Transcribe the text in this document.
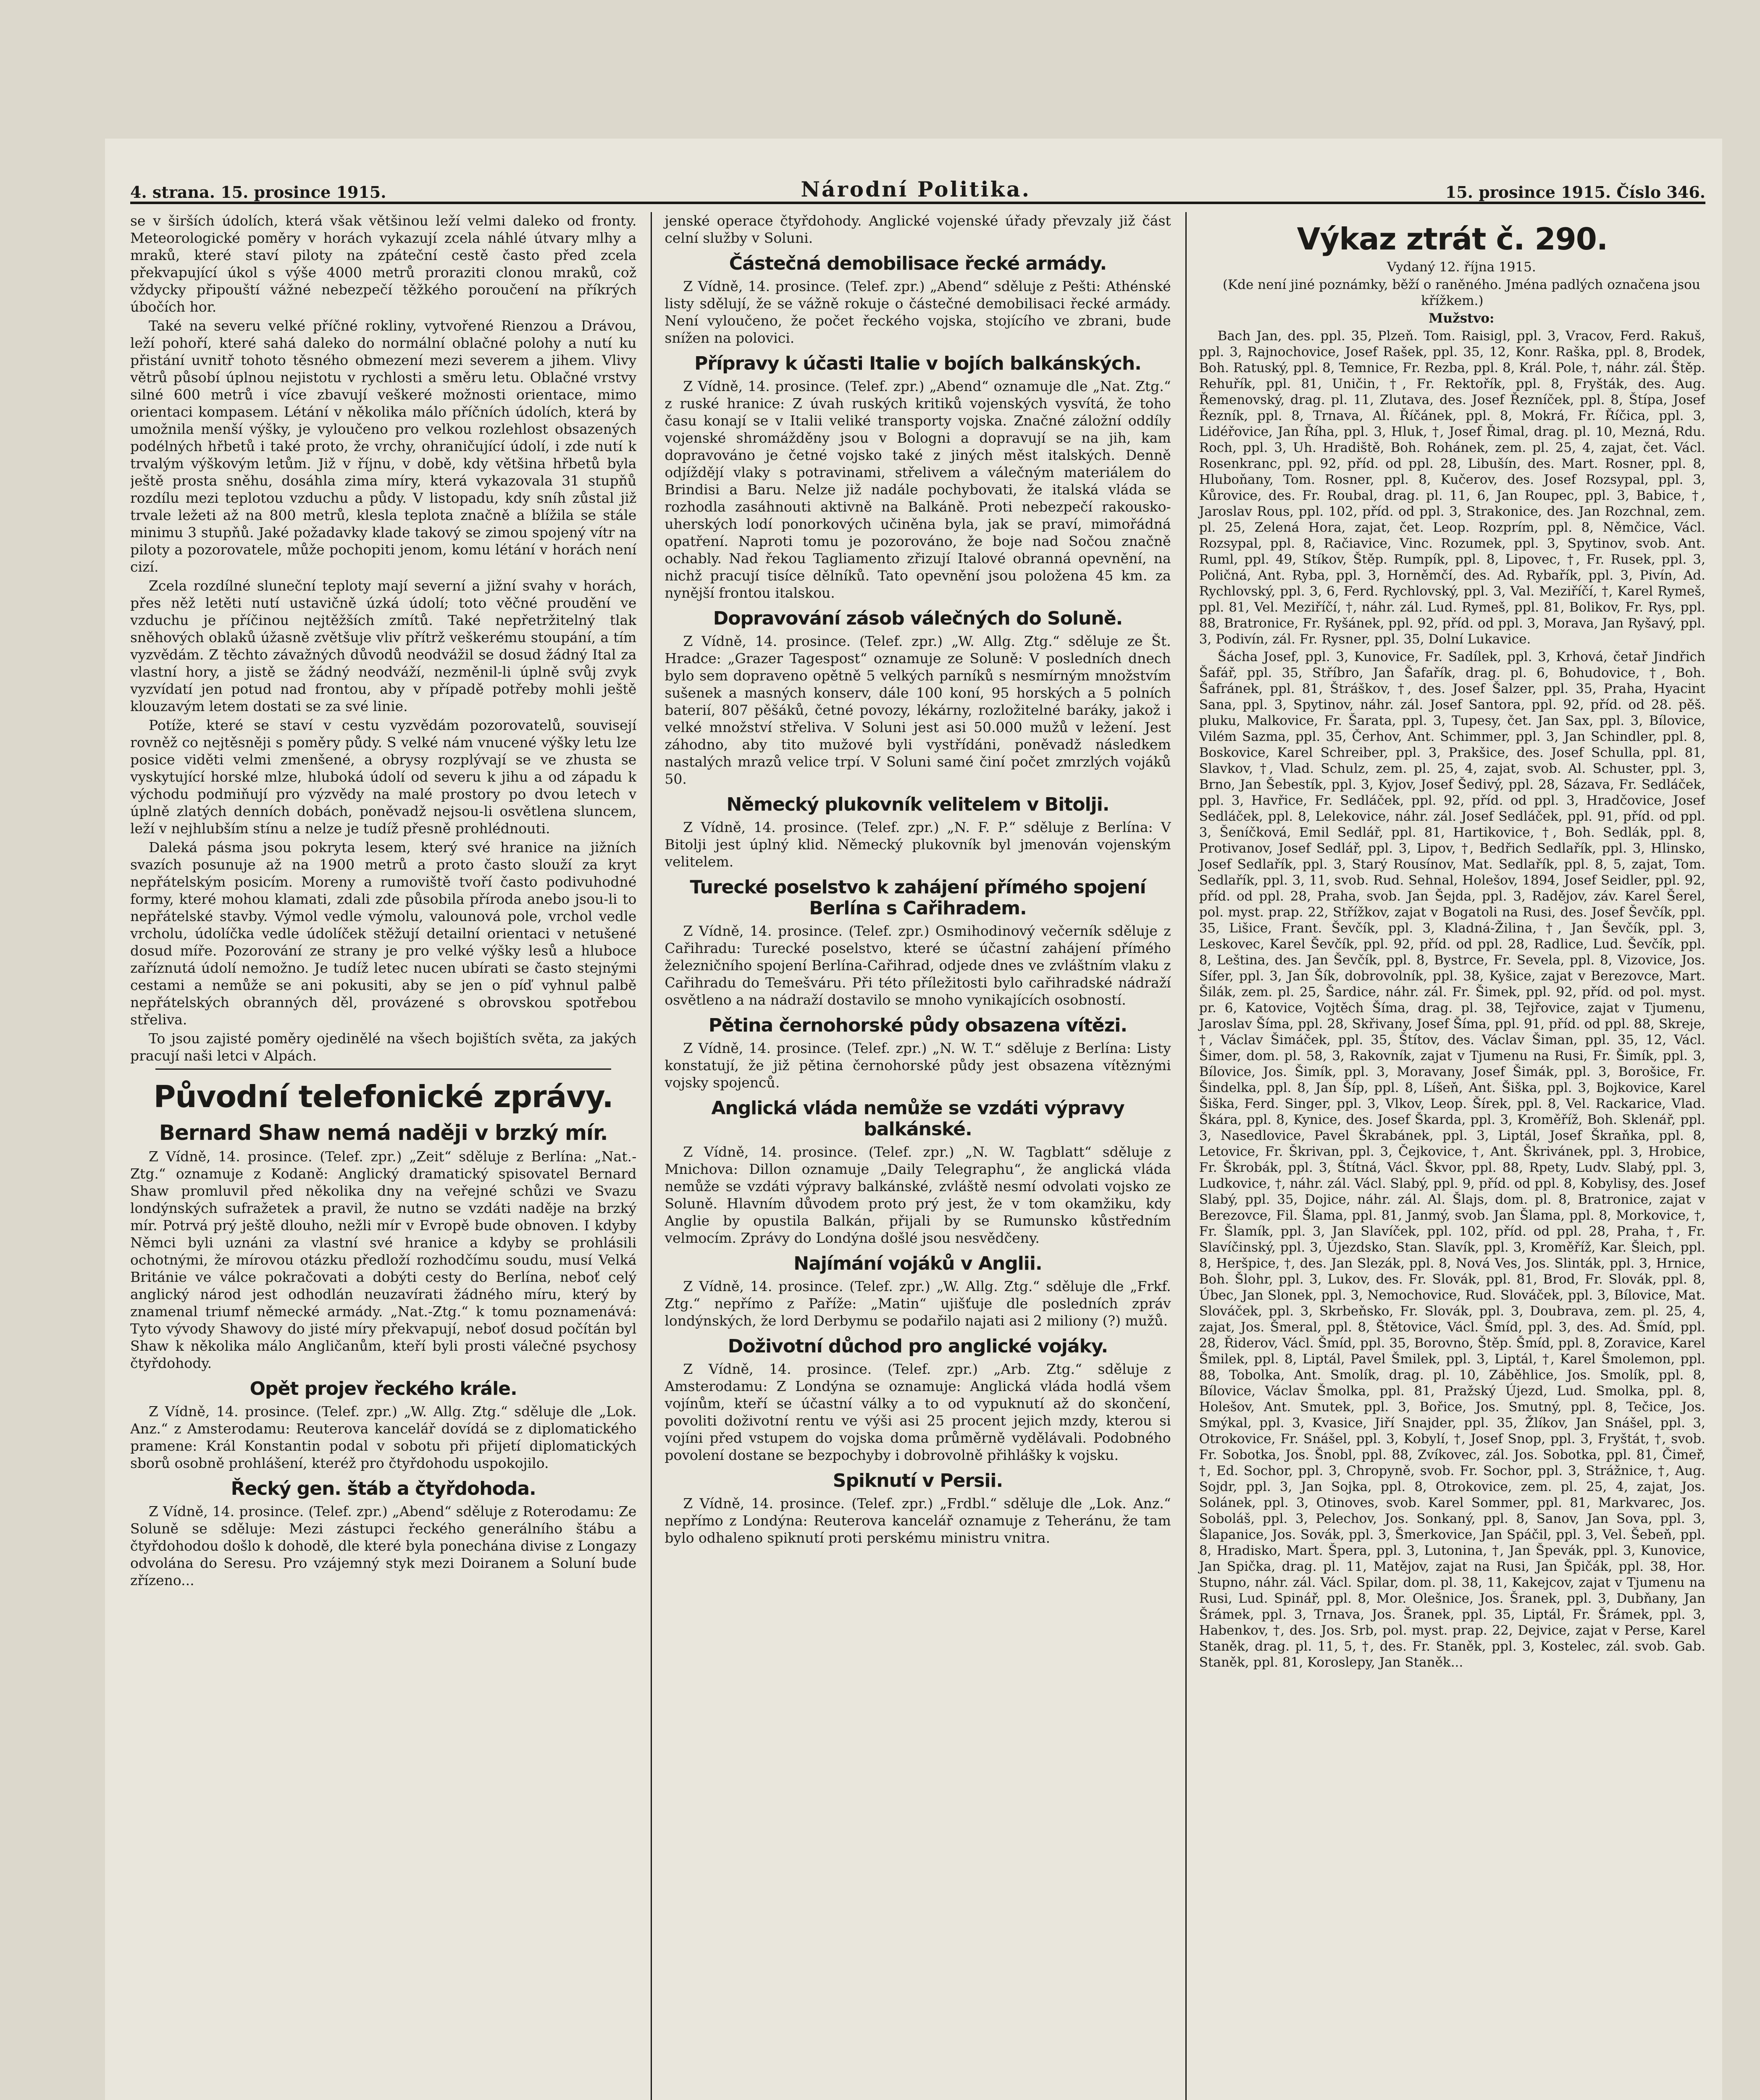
4. strana. 15. prosince 1915.	Národní Politika.	15. prosince 1915. Číslo 346.

se v širších údolích, která však většinou leží velmi daleko od fronty. Meteorologické poměry v horách vykazují zcela náhlé útvary mlhy a mraků, které staví piloty na zpáteční cestě často před zcela překvapující úkol s výše 4000 metrů proraziti clonou mraků, což vždycky připouští vážné nebezpečí těžkého poroučení na příkrých úbočích hor.

Také na severu velké příčné rokliny, vytvořené Rienzou a Drávou, leží pohoří, které sahá daleko do normální oblačné polohy a nutí ku přistání uvnitř tohoto těsného obmezení mezi severem a jihem. Vlivy větrů působí úplnou nejistotu v rychlosti a směru letu. Oblačné vrstvy silné 600 metrů i více zbavují veškeré možnosti orientace, mimo orientaci kompasem. Létání v několika málo příčních údolích, která by umožnila menší výšky, je vyloučeno pro velkou rozlehlost obsazených podélných hřbetů i také proto, že vrchy, ohraničující údolí, i zde nutí k trvalým výškovým letům. Již v říjnu, v době, kdy většina hřbetů byla ještě prosta sněhu, dosáhla zima míry, která vykazovala 31 stupňů rozdílu mezi teplotou vzduchu a půdy. V listopadu, kdy sníh zůstal již trvale ležeti až na 800 metrů, klesla teplota značně a blížila se stále minimu 3 stupňů. Jaké požadavky klade takový se zimou spojený vítr na piloty a pozorovatele, může pochopiti jenom, komu létání v horách není cizí.

Zcela rozdílné sluneční teploty mají severní a jižní svahy v horách, přes něž letěti nutí ustavičně úzká údolí; toto věčné proudění ve vzduchu je příčinou nejtěžších zmítů. Také nepřetržitelný tlak sněhových oblaků úžasně zvětšuje vliv přítrž veškerému stoupání, a tím vyzvědám. Z těchto závažných důvodů neodvážil se dosud žádný Ital za vlastní hory, a jistě se žádný neodváží, nezměnil-li úplně svůj zvyk vyzvídatí jen potud nad frontou, aby v případě potřeby mohli ještě klouzavým letem dostati se za své linie.

Potíže, které se staví v cestu vyzvědám pozorovatelů, souvisejí rovněž co nejtěsněji s poměry půdy. S velké nám vnucené výšky letu lze posice viděti velmi zmenšené, a obrysy rozplývají se ve zhusta se vyskytující horské mlze, hluboká údolí od severu k jihu a od západu k východu podmiňují pro výzvědy na malé prostory po dvou letech v úplně zlatých denních dobách, poněvadž nejsou-li osvětlena sluncem, leží v nejhlubším stínu a nelze je tudíž přesně prohlédnouti.

Daleká pásma jsou pokryta lesem, který své hranice na jižních svazích posunuje až na 1900 metrů a proto často slouží za kryt nepřátelským posicím. Moreny a rumoviště tvoří často podivuhodné formy, které mohou klamati, zdali zde působila příroda anebo jsou-li to nepřátelské stavby. Výmol vedle výmolu, valounová pole, vrchol vedle vrcholu, údolíčka vedle údolíček stěžují detailní orientaci v netušené dosud míře. Pozorování ze strany je pro velké výšky lesů a hluboce zaříznutá údolí nemožno. Je tudíž letec nucen ubírati se často stejnými cestami a nemůže se ani pokusiti, aby se jen o píď vyhnul palbě nepřátelských obranných děl, provázené s obrovskou spotřebou střeliva.

To jsou zajisté poměry ojedinělé na všech bojištích světa, za jakých pracují naši letci v Alpách.

Původní telefonické zprávy.
Bernard Shaw nemá naději v brzký mír.

Z Vídně, 14. prosince. (Telef. zpr.) „Zeit“ sděluje z Berlína: „Nat.-Ztg.“ oznamuje z Kodaně: Anglický dramatický spisovatel Bernard Shaw promluvil před několika dny na veřejné schůzi ve Svazu londýnských sufražetek a pravil, že nutno se vzdáti naděje na brzký mír. Potrvá prý ještě dlouho, nežli mír v Evropě bude obnoven. I kdyby Němci byli uznáni za vlastní své hranice a kdyby se prohlásili ochotnými, že mírovou otázku předloží rozhodčímu soudu, musí Velká Británie ve válce pokračovati a dobýti cesty do Berlína, neboť celý anglický národ jest odhodlán neuzavírati žádného míru, který by znamenal triumf německé armády. „Nat.-Ztg.“ k tomu poznamenává: Tyto vývody Shawovy do jisté míry překvapují, neboť dosud počítán byl Shaw k několika málo Angličanům, kteří byli prosti válečné psychosy čtyřdohody.

Opět projev řeckého krále.

Z Vídně, 14. prosince. (Telef. zpr.) „W. Allg. Ztg.“ sděluje dle „Lok. Anz.“ z Amsterodamu: Reuterova kancelář dovídá se z diplomatického pramene: Král Konstantin podal v sobotu při přijetí diplomatických sborů osobně prohlášení, kteréž pro čtyřdohodu uspokojilo.

Řecký gen. štáb a čtyřdohoda.

Z Vídně, 14. prosince. (Telef. zpr.) „Abend“ sděluje z Roterodamu: Ze Soluně se sděluje: Mezi zástupci řeckého generálního štábu a čtyřdohodou došlo k dohodě, dle které byla ponechána divise z Longazy odvolána do Seresu. Pro vzájemný styk mezi Doiranem a Soluní bude zřízeno...

jenské operace čtyřdohody. Anglické vojenské úřady převzaly již část celní služby v Soluni.

Částečná demobilisace řecké armády.

Z Vídně, 14. prosince. (Telef. zpr.) „Abend“ sděluje z Pešti: Athénské listy sdělují, že se vážně rokuje o částečné demobilisaci řecké armády. Není vyloučeno, že počet řeckého vojska, stojícího ve zbrani, bude snížen na polovici.

Přípravy k účasti Italie v bojích balkánských.

Z Vídně, 14. prosince. (Telef. zpr.) „Abend“ oznamuje dle „Nat. Ztg.“ z ruské hranice: Z úvah ruských kritiků vojenských vysvítá, že toho času konají se v Italii veliké transporty vojska. Značné záložní oddíly vojenské shromážděny jsou v Bologni a dopravují se na jih, kam dopravováno je četné vojsko také z jiných měst italských. Denně odjíždějí vlaky s potravinami, střelivem a válečným materiálem do Brindisi a Baru. Nelze již nadále pochybovati, že italská vláda se rozhodla zasáhnouti aktivně na Balkáně. Proti nebezpečí rakousko-uherských lodí ponorkových učiněna byla, jak se praví, mimořádná opatření. Naproti tomu je pozorováno, že boje nad Sočou značně ochably. Nad řekou Tagliamento zřizují Italové obranná opevnění, na nichž pracují tisíce dělníků. Tato opevnění jsou položena 45 km. za nynější frontou italskou.

Dopravování zásob válečných do Soluně.

Z Vídně, 14. prosince. (Telef. zpr.) „W. Allg. Ztg.“ sděluje ze Št. Hradce: „Grazer Tagespost“ oznamuje ze Soluně: V posledních dnech bylo sem dopraveno opětně 5 velkých parníků s nesmírným množstvím sušenek a masných konserv, dále 100 koní, 95 horských a 5 polních baterií, 807 pěšáků, četné povozy, lékárny, rozložitelné baráky, jakož i velké množství střeliva. V Soluni jest asi 50.000 mužů v ležení. Jest záhodno, aby tito mužové byli vystřídáni, poněvadž následkem nastalých mrazů velice trpí. V Soluni samé činí počet zmrzlých vojáků 50.

Německý plukovník velitelem v Bitolji.

Z Vídně, 14. prosince. (Telef. zpr.) „N. F. P.“ sděluje z Berlína: V Bitolji jest úplný klid. Německý plukovník byl jmenován vojenským velitelem.

Turecké poselstvo k zahájení přímého spojení Berlína s Cařihradem.

Z Vídně, 14. prosince. (Telef. zpr.) Osmihodinový večerník sděluje z Cařihradu: Turecké poselstvo, které se účastní zahájení přímého železničního spojení Berlína-Cařihrad, odjede dnes ve zvláštním vlaku z Cařihradu do Temešváru. Při této příležitosti bylo cařihradské nádraží osvětleno a na nádraží dostavilo se mnoho vynikajících osobností.

Pětina černohorské půdy obsazena vítězi.

Z Vídně, 14. prosince. (Telef. zpr.) „N. W. T.“ sděluje z Berlína: Listy konstatují, že již pětina černohorské půdy jest obsazena vítěznými vojsky spojenců.

Anglická vláda nemůže se vzdáti výpravy balkánské.

Z Vídně, 14. prosince. (Telef. zpr.) „N. W. Tagblatt“ sděluje z Mnichova: Dillon oznamuje „Daily Telegraphu“, že anglická vláda nemůže se vzdáti výpravy balkánské, zvláště nesmí odvolati vojsko ze Soluně. Hlavním důvodem proto prý jest, že v tom okamžiku, kdy Anglie by opustila Balkán, přijali by se Rumunsko kůstředním velmocím. Zprávy do Londýna došlé jsou nesvědčeny.

Najímání vojáků v Anglii.

Z Vídně, 14. prosince. (Telef. zpr.) „W. Allg. Ztg.“ sděluje dle „Frkf. Ztg.“ nepřímo z Paříže: „Matin“ ujišťuje dle posledních zpráv londýnských, že lord Derbymu se podařilo najati asi 2 miliony (?) mužů.

Doživotní důchod pro anglické vojáky.

Z Vídně, 14. prosince. (Telef. zpr.) „Arb. Ztg.“ sděluje z Amsterodamu: Z Londýna se oznamuje: Anglická vláda hodlá všem vojínům, kteří se účastní války a to od vypuknutí až do skončení, povoliti doživotní rentu ve výši asi 25 procent jejich mzdy, kterou si vojíni před vstupem do vojska doma průměrně vydělávali. Podobného povolení dostane se bezpochyby i dobrovolně přihlášky k vojsku.

Spiknutí v Persii.

Z Vídně, 14. prosince. (Telef. zpr.) „Frdbl.“ sděluje dle „Lok. Anz.“ nepřímo z Londýna: Reuterova kancelář oznamuje z Teheránu, že tam bylo odhaleno spiknutí proti perskému ministru vnitra.

Výkaz ztrát č. 290.

Vydaný 12. října 1915.

(Kde není jiné poznámky, běží o raněného. Jména padlých označena jsou křížkem.)

Mužstvo:

Bach Jan, des. ppl. 35, Plzeň. Tom. Raisigl, ppl. 3, Vracov, Ferd. Rakuš, ppl. 3, Rajnochovice, Josef Rašek, ppl. 35, 12, Konr. Raška, ppl. 8, Brodek, Boh. Ratuský, ppl. 8, Temnice, Fr. Rezba, ppl. 8, Král. Pole, †, náhr. zál. Štěp. Rehuřík, ppl. 81, Uničin, †, Fr. Rektořík, ppl. 8, Fryšták, des. Aug. Řemenovský, drag. pl. 11, Zlutava, des. Josef Řezníček, ppl. 8, Štípa, Josef Řezník, ppl. 8, Trnava, Al. Říčánek, ppl. 8, Mokrá, Fr. Říčica, ppl. 3, Lidéřovice, Jan Říha, ppl. 3, Hluk, †, Josef Řimal, drag. pl. 10, Mezná, Rdu. Roch, ppl. 3, Uh. Hradiště, Boh. Rohánek, zem. pl. 25, 4, zajat, čet. Václ. Rosenkranc, ppl. 92, příd. od ppl. 28, Libušín, des. Mart. Rosner, ppl. 8, Hluboňany, Tom. Rosner, ppl. 8, Kučerov, des. Josef Rozsypal, ppl. 3, Kůrovice, des. Fr. Roubal, drag. pl. 11, 6, Jan Roupec, ppl. 3, Babice, †, Jaroslav Rous, ppl. 102, příd. od ppl. 3, Strakonice, des. Jan Rozchnal, zem. pl. 25, Zelená Hora, zajat, čet. Leop. Rozprím, ppl. 8, Němčice, Václ. Rozsypal, ppl. 8, Račiavice, Vinc. Rozumek, ppl. 3, Spytinov, svob. Ant. Ruml, ppl. 49, Stíkov, Štěp. Rumpík, ppl. 8, Lipovec, †, Fr. Rusek, ppl. 3, Poličná, Ant. Ryba, ppl. 3, Horněmčí, des. Ad. Rybařík, ppl. 3, Pivín, Ad. Rychlovský, ppl. 3, 6, Ferd. Rychlovský, ppl. 3, Val. Meziříčí, †, Karel Rymeš, ppl. 81, Vel. Meziříčí, †, náhr. zál. Lud. Rymeš, ppl. 81, Bolikov, Fr. Rys, ppl. 88, Bratronice, Fr. Ryšánek, ppl. 92, příd. od ppl. 3, Morava, Jan Ryšavý, ppl. 3, Podivín, zál. Fr. Rysner, ppl. 35, Dolní Lukavice.

Šácha Josef, ppl. 3, Kunovice, Fr. Sadílek, ppl. 3, Krhová, četař Jindřich Šafář, ppl. 35, Stříbro, Jan Šafařík, drag. pl. 6, Bohudovice, †, Boh. Šafránek, ppl. 81, Štráškov, †, des. Josef Šalzer, ppl. 35, Praha, Hyacint Sana, ppl. 3, Spytinov, náhr. zál. Josef Santora, ppl. 92, příd. od 28. pěš. pluku, Malkovice, Fr. Šarata, ppl. 3, Tupesy, čet. Jan Sax, ppl. 3, Bílovice, Vilém Sazma, ppl. 35, Čerhov, Ant. Schimmer, ppl. 3, Jan Schindler, ppl. 8, Boskovice, Karel Schreiber, ppl. 3, Prakšice, des. Josef Schulla, ppl. 81, Slavkov, †, Vlad. Schulz, zem. pl. 25, 4, zajat, svob. Al. Schuster, ppl. 3, Brno, Jan Šebestík, ppl. 3, Kyjov, Josef Šedivý, ppl. 28, Sázava, Fr. Sedláček, ppl. 3, Havřice, Fr. Sedláček, ppl. 92, příd. od ppl. 3, Hradčovice, Josef Sedláček, ppl. 8, Lelekovice, náhr. zál. Josef Sedláček, ppl. 91, příd. od ppl. 3, Šeníčková, Emil Sedlář, ppl. 81, Hartikovice, †, Boh. Sedlák, ppl. 8, Protivanov, Josef Sedlář, ppl. 3, Lipov, †, Bedřich Sedlařík, ppl. 3, Hlinsko, Josef Sedlařík, ppl. 3, Starý Rousínov, Mat. Sedlařík, ppl. 8, 5, zajat, Tom. Sedlařík, ppl. 3, 11, svob. Rud. Sehnal, Holešov, 1894, Josef Seidler, ppl. 92, příd. od ppl. 28, Praha, svob. Jan Šejda, ppl. 3, Radějov, záv. Karel Šerel, pol. myst. prap. 22, Střížkov, zajat v Bogatoli na Rusi, des. Josef Ševčík, ppl. 35, Lišice, Frant. Ševčík, ppl. 3, Kladná-Žilina, †, Jan Ševčík, ppl. 3, Leskovec, Karel Ševčík, ppl. 92, příd. od ppl. 28, Radlice, Lud. Ševčík, ppl. 8, Leština, des. Jan Ševčík, ppl. 8, Bystrcе, Fr. Sevela, ppl. 8, Vizovice, Jos. Sífer, ppl. 3, Jan Šík, dobrovolník, ppl. 38, Kyšice, zajat v Berezovce, Mart. Šilák, zem. pl. 25, Šardice, náhr. zál. Fr. Šimek, ppl. 92, příd. od pol. myst. pr. 6, Katovice, Vojtěch Šíma, drag. pl. 38, Tejřovice, zajat v Tjumenu, Jaroslav Šíma, ppl. 28, Skřivany, Josef Šíma, ppl. 91, příd. od ppl. 88, Skreje, †, Václav Šimáček, ppl. 35, Štítov, des. Václav Šiman, ppl. 35, 12, Václ. Šimer, dom. pl. 58, 3, Rakovník, zajat v Tjumenu na Rusi, Fr. Šimík, ppl. 3, Bílovice, Jos. Šimík, ppl. 3, Moravany, Josef Šimák, ppl. 3, Borošice, Fr. Šindelka, ppl. 8, Jan Šíp, ppl. 8, Líšeň, Ant. Šiška, ppl. 3, Bojkovice, Karel Šiška, Ferd. Singer, ppl. 3, Vlkov, Leop. Šírek, ppl. 8, Vel. Rackarice, Vlad. Škára, ppl. 8, Kynice, des. Josef Škarda, ppl. 3, Kroměříž, Boh. Sklenář, ppl. 3, Nasedlovice, Pavel Škrabánek, ppl. 3, Liptál, Josef Škraňka, ppl. 8, Letovice, Fr. Škrivan, ppl. 3, Čejkovice, †, Ant. Škrivánek, ppl. 3, Hrobice, Fr. Škrobák, ppl. 3, Štítná, Václ. Škvor, ppl. 88, Rpety, Ludv. Slabý, ppl. 3, Ludkovice, †, náhr. zál. Václ. Slabý, ppl. 9, příd. od ppl. 8, Kobylisy, des. Josef Slabý, ppl. 35, Dojice, náhr. zál. Al. Šlajs, dom. pl. 8, Bratronice, zajat v Berezovce, Fil. Šlama, ppl. 81, Janmý, svob. Jan Šlama, ppl. 8, Morkovice, †, Fr. Šlamík, ppl. 3, Jan Slavíček, ppl. 102, příd. od ppl. 28, Praha, †, Fr. Slavíčinský, ppl. 3, Újezdsko, Stan. Slavík, ppl. 3, Kroměříž, Kar. Šleich, ppl. 8, Heršpice, †, des. Jan Slezák, ppl. 8, Nová Ves, Jos. Slinták, ppl. 3, Hrnice, Boh. Šlohr, ppl. 3, Lukov, des. Fr. Slovák, ppl. 81, Brod, Fr. Slovák, ppl. 8, Úbec, Jan Slonek, ppl. 3, Nemochovice, Rud. Slováček, ppl. 3, Bílovice, Mat. Slováček, ppl. 3, Skrbeňsko, Fr. Slovák, ppl. 3, Doubrava, zem. pl. 25, 4, zajat, Jos. Šmeral, ppl. 8, Štětovice, Václ. Šmíd, ppl. 3, des. Ad. Šmíd, ppl. 28, Řiderov, Václ. Šmíd, ppl. 35, Borovno, Štěp. Šmíd, ppl. 8, Zoravice, Karel Šmilek, ppl. 8, Liptál, Pavel Šmilek, ppl. 3, Liptál, †, Karel Šmolemon, ppl. 88, Tobolka, Ant. Smolík, drag. pl. 10, Záběhlice, Jos. Smolík, ppl. 8, Bílovice, Václav Šmolka, ppl. 81, Pražský Újezd, Lud. Smolka, ppl. 8, Holešov, Ant. Smutek, ppl. 3, Bořice, Jos. Smutný, ppl. 8, Tečice, Jos. Smýkal, ppl. 3, Kvasice, Jiří Snajder, ppl. 35, Žlíkov, Jan Snášel, ppl. 3, Otrokovice, Fr. Snášel, ppl. 3, Kobylí, †, Josef Snop, ppl. 3, Fryštát, †, svob. Fr. Sobotka, Jos. Šnobl, ppl. 88, Zvíkovec, zál. Jos. Sobotka, ppl. 81, Čimeř, †, Ed. Sochor, ppl. 3, Chropyně, svob. Fr. Sochor, ppl. 3, Strážnice, †, Aug. Sojdr, ppl. 3, Jan Sojka, ppl. 8, Otrokovice, zem. pl. 25, 4, zajat, Jos. Solánek, ppl. 3, Otinoves, svob. Karel Sommer, ppl. 81, Markvarec, Jos. Soboláš, ppl. 3, Pelechov, Jos. Sonkaný, ppl. 8, Sanov, Jan Sova, ppl. 3, Šlapanice, Jos. Sovák, ppl. 3, Šmerkovice, Jan Spáčil, ppl. 3, Vel. Šebeň, ppl. 8, Hradisko, Mart. Špera, ppl. 3, Lutonina, †, Jan Špevák, ppl. 3, Kunovice, Jan Spička, drag. pl. 11, Matějov, zajat na Rusi, Jan Špičák, ppl. 38, Hor. Stupno, náhr. zál. Václ. Spilar, dom. pl. 38, 11, Kakejcov, zajat v Tjumenu na Rusi, Lud. Spinář, ppl. 8, Mor. Olešnice, Jos. Šranek, ppl. 3, Dubňany, Jan Šrámek, ppl. 3, Trnava, Jos. Šranek, ppl. 35, Liptál, Fr. Šrámek, ppl. 3, Habenkov, †, des. Jos. Srb, pol. myst. prap. 22, Dejvice, zajat v Perse, Karel Staněk, drag. pl. 11, 5, †, des. Fr. Staněk, ppl. 3, Kostelec, zál. svob. Gab. Staněk, ppl. 81, Koroslepy, Jan Staněk...
